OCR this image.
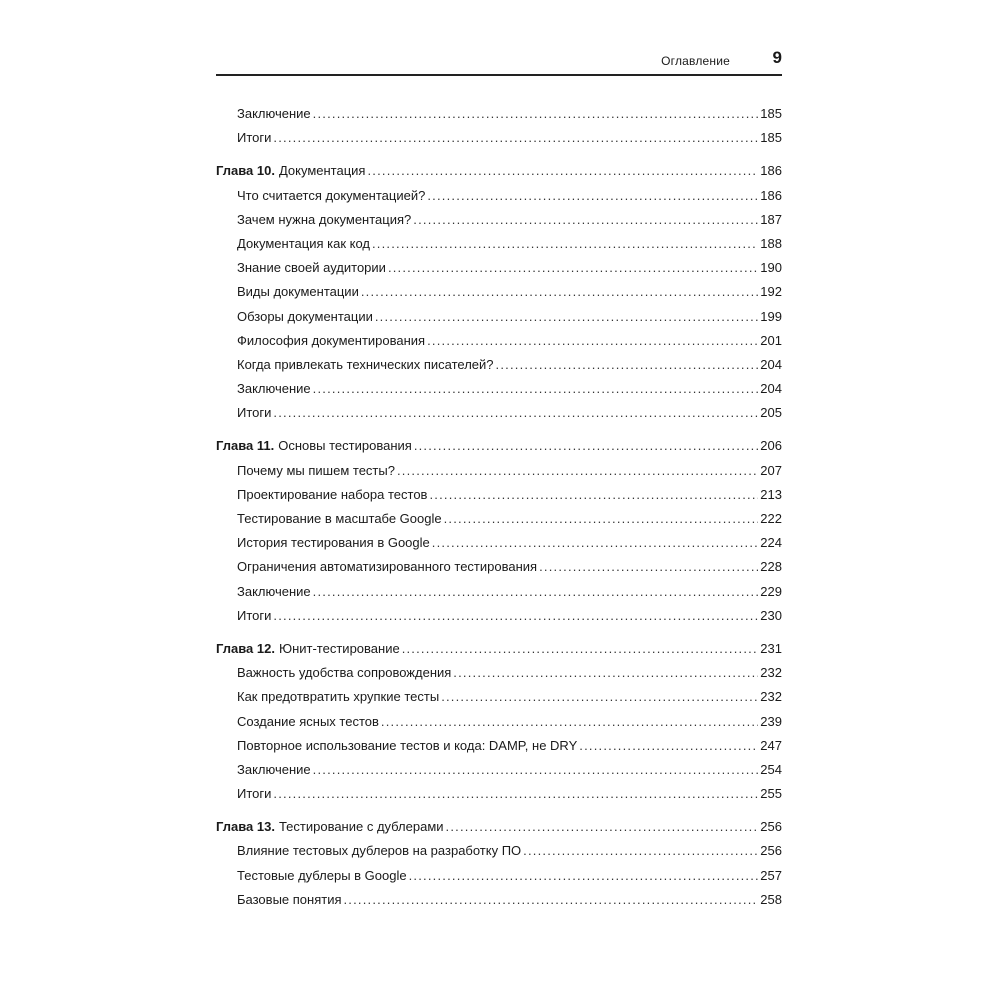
Оглавление	9
Заключение .....	185
Итоги .....	185
Глава 10. Документация .....	186
Что считается документацией? .....	186
Зачем нужна документация? .....	187
Документация как код .....	188
Знание своей аудитории .....	190
Виды документации .....	192
Обзоры документации .....	199
Философия документирования .....	201
Когда привлекать технических писателей? .....	204
Заключение .....	204
Итоги .....	205
Глава 11. Основы тестирования .....	206
Почему мы пишем тесты? .....	207
Проектирование набора тестов .....	213
Тестирование в масштабе Google .....	222
История тестирования в Google .....	224
Ограничения автоматизированного тестирования .....	228
Заключение .....	229
Итоги .....	230
Глава 12. Юнит-тестирование .....	231
Важность удобства сопровождения .....	232
Как предотвратить хрупкие тесты .....	232
Создание ясных тестов .....	239
Повторное использование тестов и кода: DAMP, не DRY .....	247
Заключение .....	254
Итоги .....	255
Глава 13. Тестирование с дублерами .....	256
Влияние тестовых дублеров на разработку ПО .....	256
Тестовые дублеры в Google .....	257
Базовые понятия .....	258
